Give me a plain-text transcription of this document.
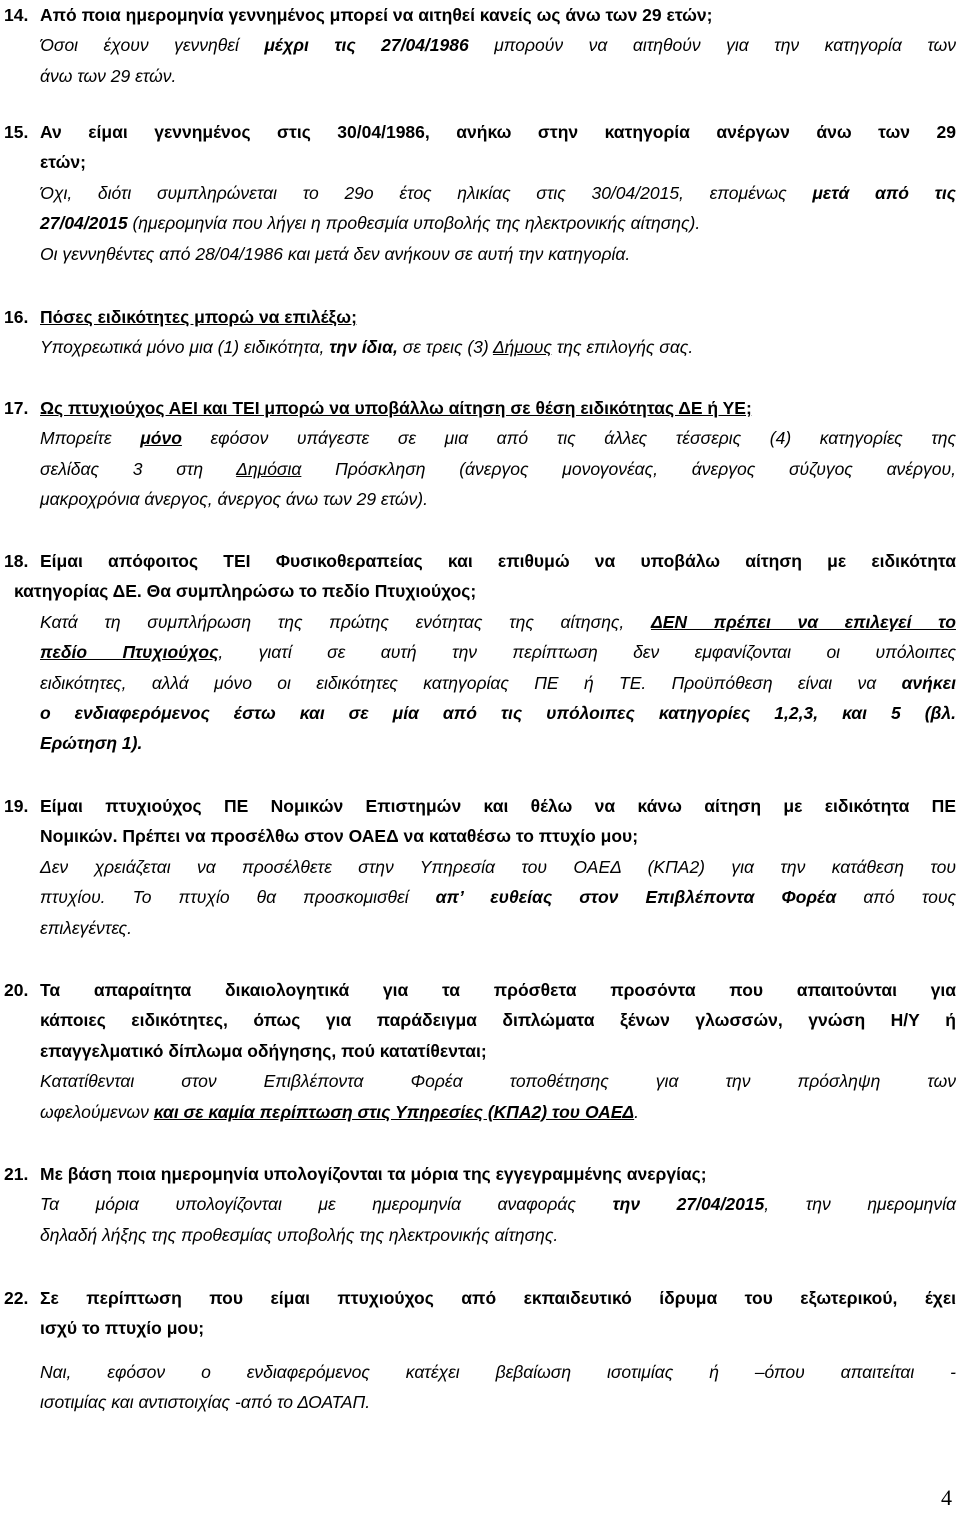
14. Από ποια ημερομηνία γεννημένος μπορεί να αιτηθεί κανείς ως άνω των 29 ετών;
Όσοι έχουν γεννηθεί μέχρι τις 27/04/1986 μπορούν να αιτηθούν για την κατηγορία των
άνω των 29 ετών.
15. Αν είμαι γεννημένος στις 30/04/1986, ανήκω στην κατηγορία ανέργων άνω των 29
ετών;
Όχι, διότι συμπληρώνεται το 29ο έτος ηλικίας στις 30/04/2015, επομένως μετά από τις
27/04/2015 (ημερομηνία που λήγει η προθεσμία υποβολής της ηλεκτρονικής αίτησης).
Οι γεννηθέντες από 28/04/1986 και μετά δεν ανήκουν σε αυτή την κατηγορία.
16. Πόσες ειδικότητες μπορώ να επιλέξω;
Υποχρεωτικά μόνο μια (1) ειδικότητα, την ίδια, σε τρεις (3) Δήμους της επιλογής σας.
17. Ως πτυχιούχος ΑΕΙ και ΤΕΙ μπορώ να υποβάλλω αίτηση σε θέση ειδικότητας ΔΕ ή ΥΕ;
Μπορείτε μόνο εφόσον υπάγεστε σε μια από τις άλλες τέσσερις (4) κατηγορίες της
σελίδας 3 στη Δημόσια Πρόσκληση (άνεργος μονογονέας, άνεργος σύζυγος ανέργου,
μακροχρόνια άνεργος, άνεργος άνω των 29 ετών).
18. Είμαι απόφοιτος ΤΕΙ Φυσικοθεραπείας και επιθυμώ να υποβάλω αίτηση με ειδικότητα
κατηγορίας ΔΕ. Θα συμπληρώσω το πεδίο Πτυχιούχος;
Κατά τη συμπλήρωση της πρώτης ενότητας της αίτησης, ΔΕΝ πρέπει να επιλεγεί το
πεδίο Πτυχιούχος, γιατί σε αυτή την περίπτωση δεν εμφανίζονται οι υπόλοιπες
ειδικότητες, αλλά μόνο οι ειδικότητες κατηγορίας ΠΕ ή ΤΕ. Προϋπόθεση είναι να ανήκει
ο ενδιαφερόμενος έστω και σε μία από τις υπόλοιπες κατηγορίες 1,2,3, και 5 (βλ.
Ερώτηση 1).
19. Είμαι πτυχιούχος ΠΕ Νομικών Επιστημών και θέλω να κάνω αίτηση με ειδικότητα ΠΕ
Νομικών. Πρέπει να προσέλθω στον ΟΑΕΔ να καταθέσω το πτυχίο μου;
Δεν χρειάζεται να προσέλθετε στην Υπηρεσία του ΟΑΕΔ (ΚΠΑ2) για την κατάθεση του
πτυχίου. Το πτυχίο θα προσκομισθεί απ’ ευθείας στον Επιβλέποντα Φορέα από τους
επιλεγέντες.
20. Τα απαραίτητα δικαιολογητικά για τα πρόσθετα προσόντα που απαιτούνται για
κάποιες ειδικότητες, όπως για παράδειγμα διπλώματα ξένων γλωσσών, γνώση Η/Υ ή
επαγγελματικό δίπλωμα οδήγησης, πού κατατίθενται;
Κατατίθενται στον Επιβλέποντα Φορέα τοποθέτησης για την πρόσληψη των
ωφελούμενων και σε καμία περίπτωση στις Υπηρεσίες (ΚΠΑ2) του ΟΑΕΔ.
21. Με βάση ποια ημερομηνία υπολογίζονται τα μόρια της εγγεγραμμένης ανεργίας;
Τα μόρια υπολογίζονται με ημερομηνία αναφοράς την 27/04/2015, την ημερομηνία
δηλαδή λήξης της προθεσμίας υποβολής της ηλεκτρονικής αίτησης.
22. Σε περίπτωση που είμαι πτυχιούχος από εκπαιδευτικό ίδρυμα του εξωτερικού, έχει
ισχύ το πτυχίο μου;
Ναι, εφόσον ο ενδιαφερόμενος κατέχει βεβαίωση ισοτιμίας ή –όπου απαιτείται -
ισοτιμίας και αντιστοιχίας -από το ΔΟΑΤΑΠ.
4
